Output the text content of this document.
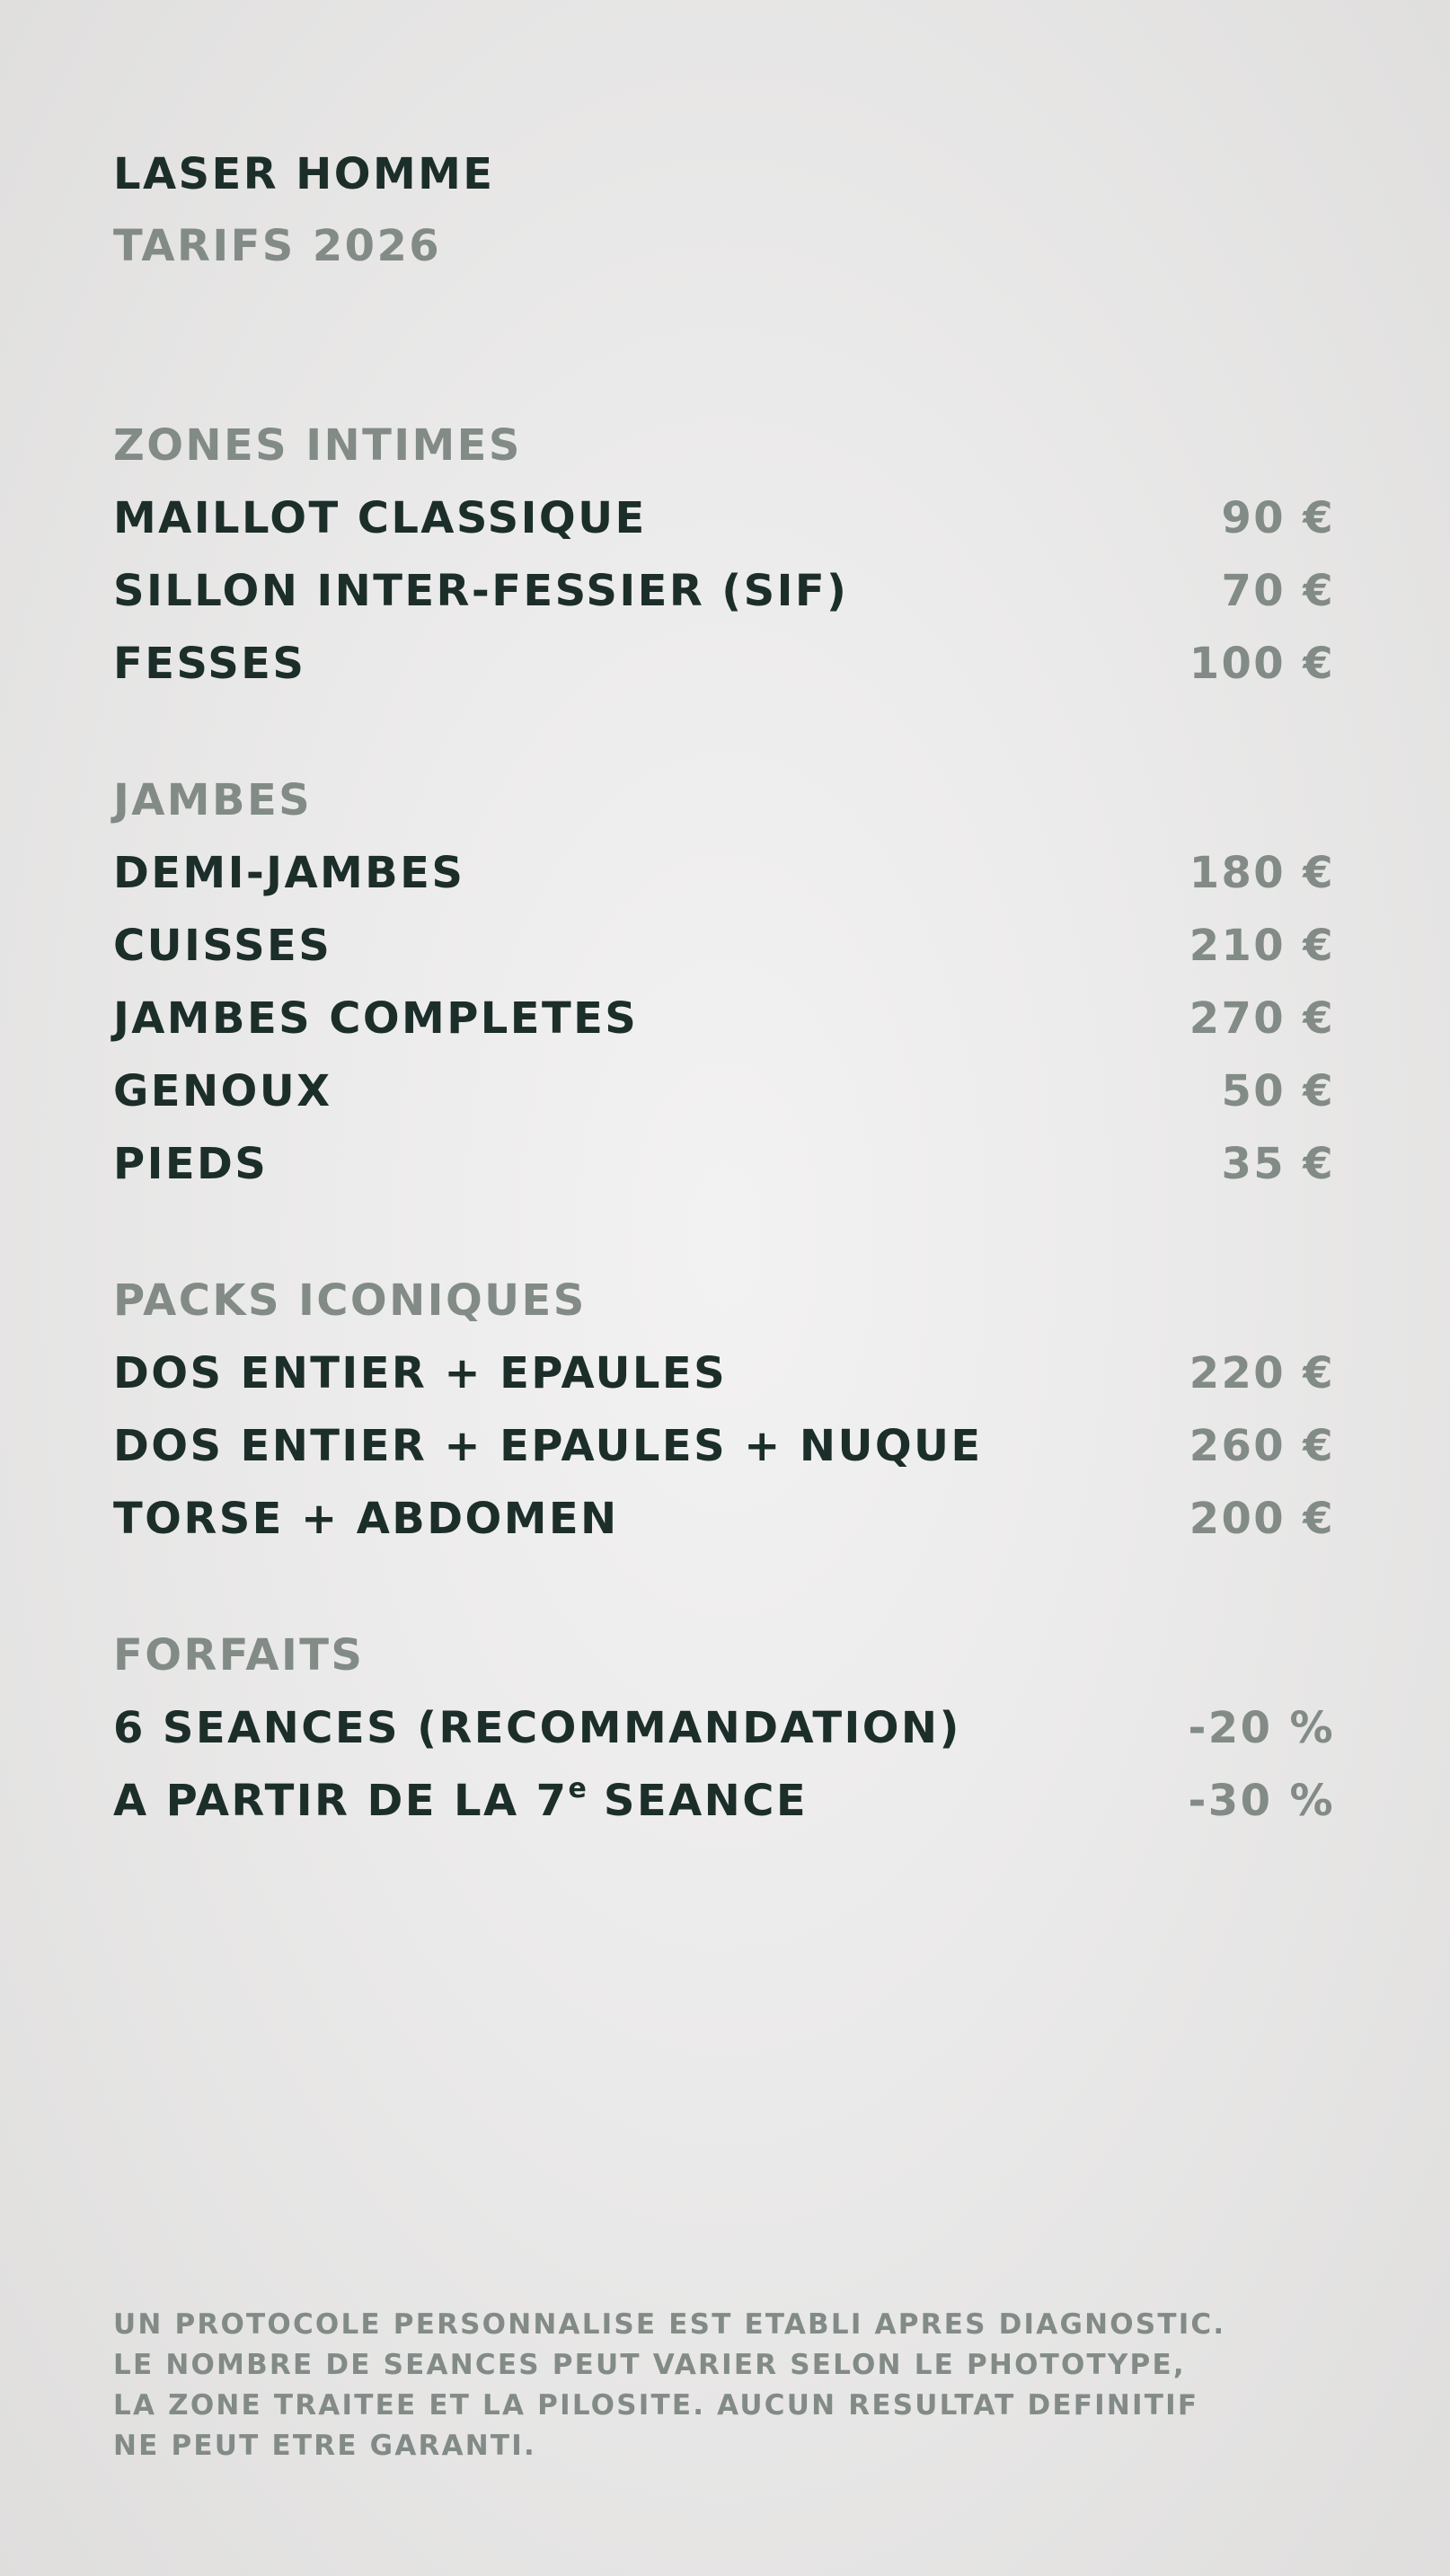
LASER HOMME
TARIFS 2026
ZONES INTIMES
MAILLOT CLASSIQUE	90 €
SILLON INTER-FESSIER (SIF)	70 €
FESSES	100 €
JAMBES
DEMI-JAMBES	180 €
CUISSES	210 €
JAMBES COMPLETES	270 €
GENOUX	50 €
PIEDS	35 €
PACKS ICONIQUES
DOS ENTIER + EPAULES	220 €
DOS ENTIER + EPAULES + NUQUE	260 €
TORSE + ABDOMEN	200 €
FORFAITS
6 SEANCES (RECOMMANDATION)	-20 %
A PARTIR DE LA 7e SEANCE	-30 %
UN PROTOCOLE PERSONNALISE EST ETABLI APRES DIAGNOSTIC.
LE NOMBRE DE SEANCES PEUT VARIER SELON LE PHOTOTYPE,
LA ZONE TRAITEE ET LA PILOSITE. AUCUN RESULTAT DEFINITIF
NE PEUT ETRE GARANTI.
